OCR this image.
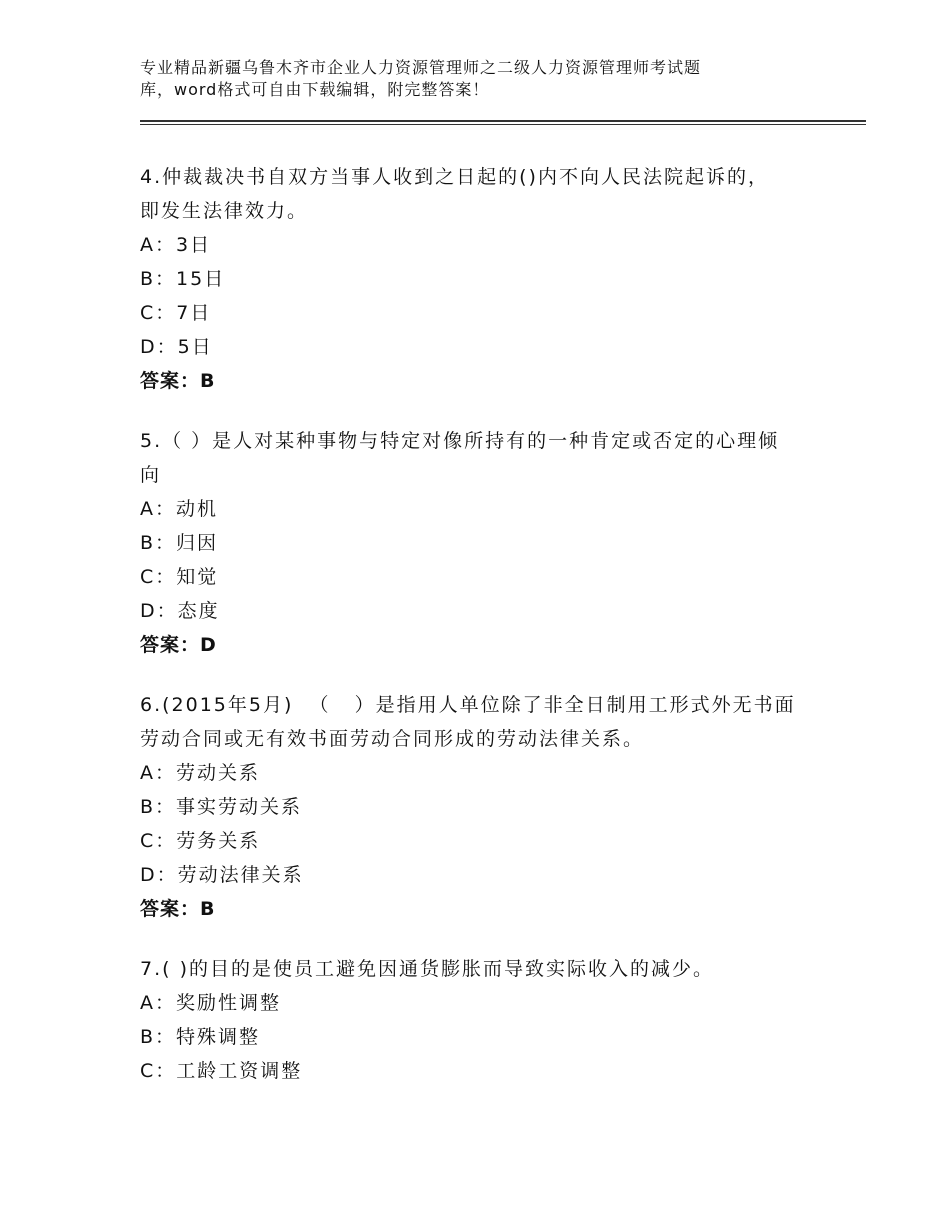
专业精品新疆乌鲁木齐市企业人力资源管理师之二级人力资源管理师考试题
库，word格式可自由下载编辑，附完整答案！
4.仲裁裁决书自双方当事人收到之日起的()内不向人民法院起诉的，
即发生法律效力。
A：3日
B：15日
C：7日
D：5日
答案：B
5.（ ）是人对某种事物与特定对像所持有的一种肯定或否定的心理倾
向
A：动机
B：归因
C：知觉
D：态度
答案：D
6.(2015年5月)  （   ）是指用人单位除了非全日制用工形式外无书面
劳动合同或无有效书面劳动合同形成的劳动法律关系。
A：劳动关系
B：事实劳动关系
C：劳务关系
D：劳动法律关系
答案：B
7.( )的目的是使员工避免因通货膨胀而导致实际收入的减少。
A：奖励性调整
B：特殊调整
C：工龄工资调整
